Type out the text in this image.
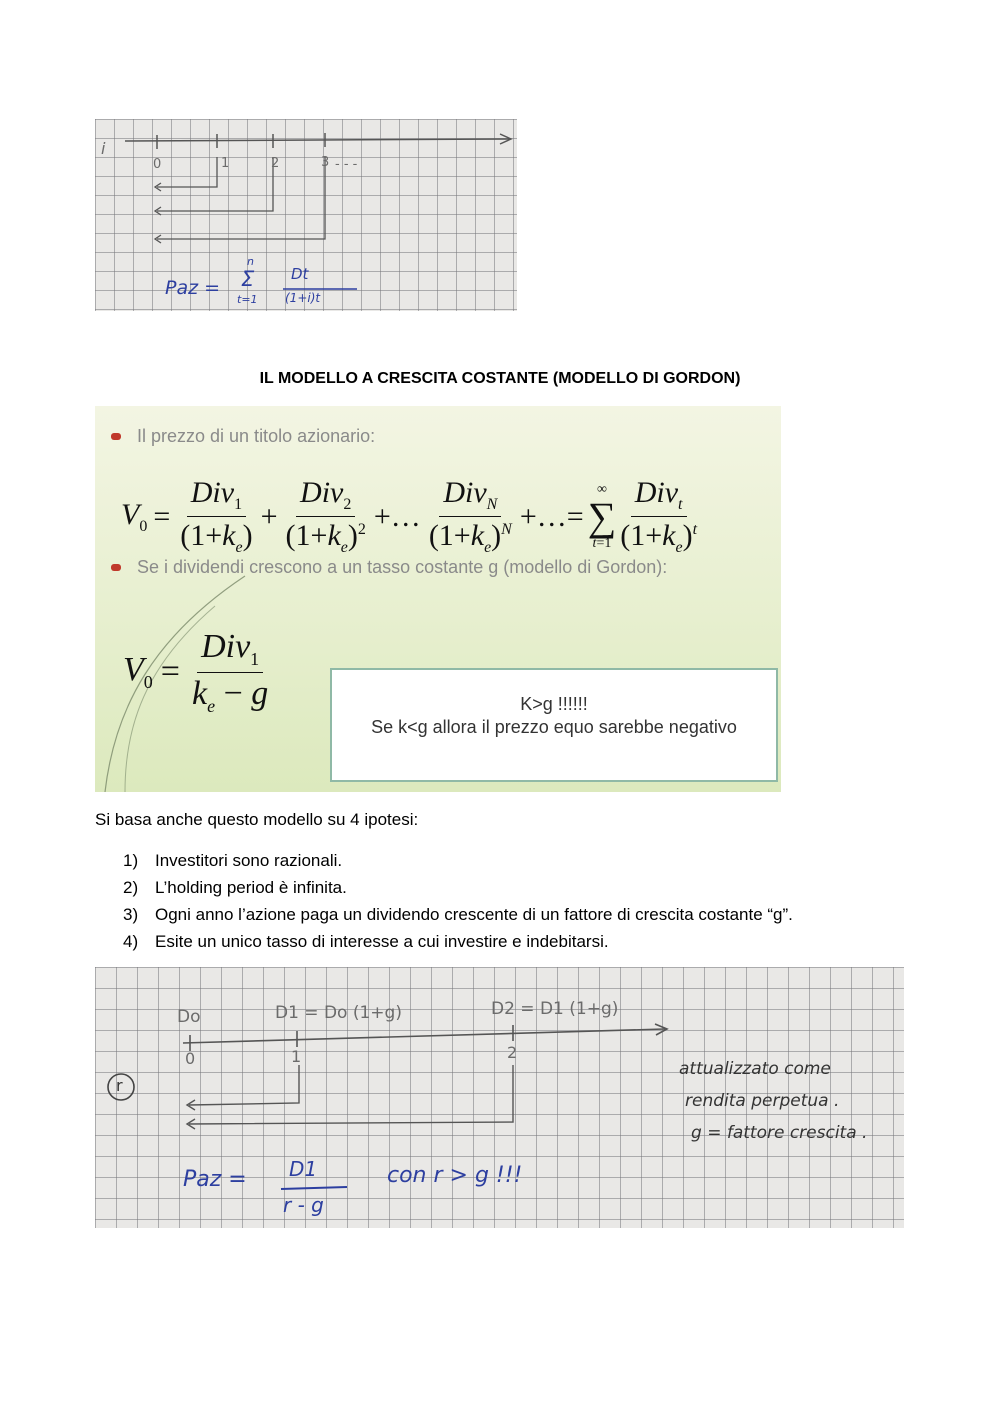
i
0	1	2	3 - - -
Paz =
n
Σ
t=1
Dt
(1+i)t
IL MODELLO A CRESCITA COSTANTE (MODELLO DI GORDON)
Il prezzo di un titolo azionario:
$V_0 = \frac{Div_1}{(1+k_e)} + \frac{Div_2}{(1+k_e)^2}$ +… $\frac{Div_N}{(1+k_e)^N}$ +…=
∞
∑
$t=1 \frac{Div_t}{(1+k_e)^t}$
Se i dividendi crescono a un tasso costante g (modello di Gordon):
$V_0 = \frac{Div_1}{k_e - g}$	K>g !!!!!!
Se k<g allora il prezzo equo sarebbe negativo
Si basa anche questo modello su 4 ipotesi:
1) Investitori sono razionali.
2) L’holding period è infinita.
3) Ogni anno l’azione paga un dividendo crescente di un fattore di crescita costante “g”.
4) Esite un unico tasso di interesse a cui investire e indebitarsi.
Do	D1 = Do (1+g)	D2 = D1 (1+g)
0	1	2
r
Paz = D1
r - g
con r > g !!!
attualizzato come
rendita perpetua .
g = fattore crescita .
